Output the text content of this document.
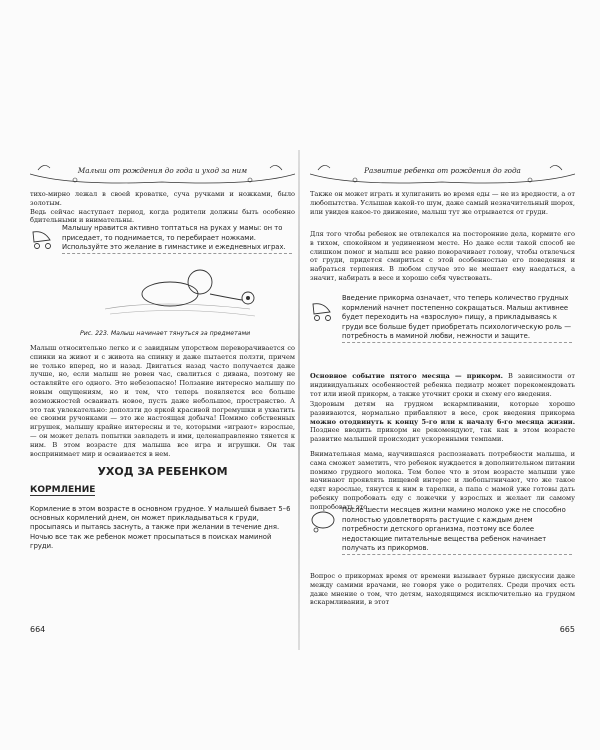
Малыш от рождения до года и уход за ним

тихо-мирно лежал в своей кроватке, суча ручками и ножками, было золотым.

Ведь сейчас наступает период, когда родители должны быть особенно бдительными и внимательны.

Малышу нравится активно топтаться на руках у мамы: он то приседает, то поднимается, то перебирает ножками. Используйте это желание в гимнастике и ежедневных играх.
Рис. 223. Малыш начинает тянуться за предметами
Малыш относительно легко и с завидным упорством переворачивается со спинки на живот и с живота на спинку и даже пытается ползти, причем не только вперед, но и назад. Двигаться назад часто получается даже лучше, но, если малыш не ровен час, свалиться с дивана, поэтому не оставляйте его одного. Это небезопасно! Ползание интересно малышу по новым ощущениям, но и тем, что теперь появляется все больше возможностей осваивать новое, пусть даже небольшое, пространство. А это так увлекательно: доползти до яркой красивой погремушки и ухватить ее своими ручонками — это же настоящая добыча! Помимо собственных игрушек, малышу крайне интересны и те, которыми «играют» взрослые, — он может делать попытки завладеть и ими, целенаправленно тянется к ним. В этом возрасте для малыша все игра и игрушки. Он так воспринимает мир и осваивается в нем.
УХОД ЗА РЕБЕНКОМ
КОРМЛЕНИЕ
Кормление в этом возрасте в основном грудное. У малышей бывает 5–6 основных кормлений днем, он может прикладываться к груди, просыпаясь и пытаясь заснуть, а также при желании в течение дня. Ночью все так же ребенок может просыпаться в поисках маминой груди.
664
Развитие ребенка от рождения до года
Также он может играть и хулиганить во время еды — не из вредности, а от любопытства. Услышав какой-то шум, даже самый незначительный шорох, или увидев какое-то движение, малыш тут же отрывается от груди.
Для того чтобы ребенок не отвлекался на посторонние дела, кормите его в тихом, спокойном и уединенном месте. Но даже если такой способ не слишком помог и малыш все равно поворачивает голову, чтобы отвлечься от груди, придется смириться с этой особенностью его поведения и набраться терпения. В любом случае это не мешает ему наедаться, а значит, набирать в весе и хорошо себя чувствовать.
Введение прикорма означает, что теперь количество грудных кормлений начнет постепенно сокращаться. Малыш активнее будет переходить на «взрослую» пищу, а прикладываясь к груди все больше будет приобретать психологическую роль — потребность в маминой любви, нежности и защите.
Основное событие пятого месяца — прикорм. В зависимости от индивидуальных особенностей ребенка педиатр может порекомендовать тот или иной прикорм, а также уточнит сроки и схему его введения.
Здоровым детям на грудном вскармливании, которые хорошо развиваются, нормально прибавляют в весе, срок введения прикорма можно отодвинуть к концу 5-го или к началу 6-го месяца жизни. Позднее вводить прикорм не рекомендуют, так как в этом возрасте развитие малышей происходит ускоренными темпами.
Внимательная мама, научившаяся распознавать потребности малыша, и сама сможет заметить, что ребенок нуждается в дополнительном питании помимо грудного молока. Тем более что в этом возрасте малыши уже начинают проявлять пищевой интерес и любопытничают, что же такое едят взрослые, тянутся к ним в тарелки, а папа с мамой уже готовы дать ребенку попробовать еду с ложечки у взрослых и желает ли самому попробовать это.
После шести месяцев жизни мамино молоко уже не способно полностью удовлетворять растущие с каждым днем потребности детского организма, поэтому все более недостающие питательные вещества ребенок начинает получать из прикормов.
Вопрос о прикормах время от времени вызывает бурные дискуссии даже между самими врачами, не говоря уже о родителях. Среди прочих есть даже мнение о том, что детям, находящимся исключительно на грудном вскармливании, в этот
665
